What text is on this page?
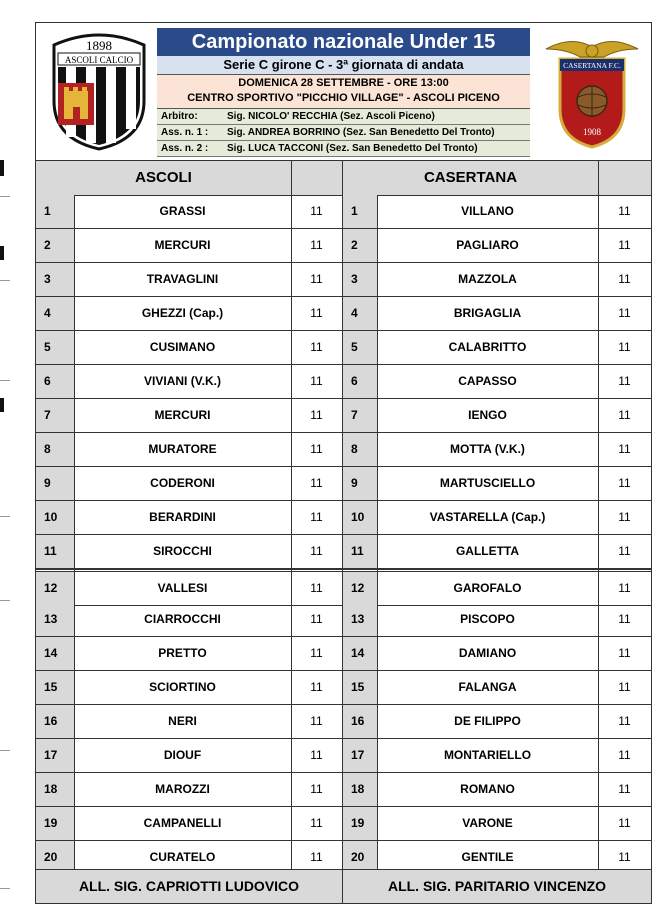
1898
ASCOLI CALCIO
Campionato nazionale Under 15
Serie C girone C - 3ª giornata di andata
DOMENICA 28 SETTEMBRE - ORE 13:00
CENTRO SPORTIVO "PICCHIO VILLAGE" - ASCOLI PICENO
Arbitro:	Sig. NICOLO' RECCHIA (Sez. Ascoli Piceno)
Ass. n. 1 : Sig. ANDREA BORRINO (Sez. San Benedetto Del Tronto)
Ass. n. 2 : Sig. LUCA TACCONI (Sez. San Benedetto Del Tronto)
CASERTANA F.C.
1908
ASCOLI	CASERTANA
1	GRASSI	11	1	VILLANO	11
2	MERCURI	11	2	PAGLIARO	11
3	TRAVAGLINI	11	3	MAZZOLA	11
4	GHEZZI (Cap.)	11	4	BRIGAGLIA	11
5	CUSIMANO	11	5	CALABRITTO	11
6	VIVIANI (V.K.)	11	6	CAPASSO	11
7	MERCURI	11	7	IENGO	11
8	MURATORE	11	8	MOTTA (V.K.)	11
9	CODERONI	11	9	MARTUSCIELLO	11
10	BERARDINI	11	10	VASTARELLA (Cap.)	11
11	SIROCCHI	11	11	GALLETTA	11
12	VALLESI	11	12	GAROFALO	11
13	CIARROCCHI	11	13	PISCOPO	11
14	PRETTO	11	14	DAMIANO	11
15	SCIORTINO	11	15	FALANGA	11
16	NERI	11	16	DE FILIPPO	11
17	DIOUF	11	17	MONTARIELLO	11
18	MAROZZI	11	18	ROMANO	11
19	CAMPANELLI	11	19	VARONE	11
20	CURATELO	11	20	GENTILE	11
ALL. SIG. CAPRIOTTI LUDOVICO	ALL. SIG. PARITARIO VINCENZO
